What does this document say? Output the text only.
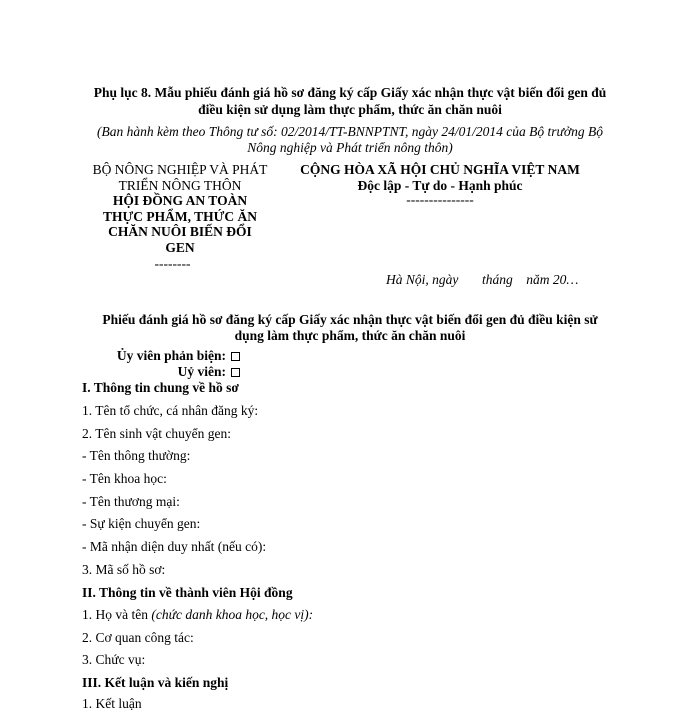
Phụ lục 8. Mẫu phiếu đánh giá hồ sơ đăng ký cấp Giấy xác nhận thực vật biến đổi gen đủ điều kiện sử dụng làm thực phẩm, thức ăn chăn nuôi
(Ban hành kèm theo Thông tư số: 02/2014/TT-BNNPTNT, ngày 24/01/2014 của Bộ trưởng Bộ Nông nghiệp và Phát triển nông thôn)
BỘ NÔNG NGHIỆP VÀ PHÁT
TRIỂN NÔNG THÔN
HỘI ĐỒNG AN TOÀN
THỰC PHẨM, THỨC ĂN
CHĂN NUÔI BIẾN ĐỔI
GEN
--------
CỘNG HÒA XÃ HỘI CHỦ NGHĨA VIỆT NAM
Độc lập - Tự do - Hạnh phúc
---------------
Hà Nội, ngày       tháng    năm 20…
Phiếu đánh giá hồ sơ đăng ký cấp Giấy xác nhận thực vật biến đổi gen đủ điều kiện sử dụng làm thực phẩm, thức ăn chăn nuôi
Ủy viên phản biện:
Uỷ viên:
I. Thông tin chung về hồ sơ
1. Tên tổ chức, cá nhân đăng ký:
2. Tên sinh vật chuyển gen:
- Tên thông thường:
- Tên khoa học:
- Tên thương mại:
- Sự kiện chuyển gen:
- Mã nhận diện duy nhất (nếu có):
3. Mã số hồ sơ:
II. Thông tin về thành viên Hội đồng
1. Họ và tên (chức danh khoa học, học vị):
2. Cơ quan công tác:
3. Chức vụ:
III. Kết luận và kiến nghị
1. Kết luận
